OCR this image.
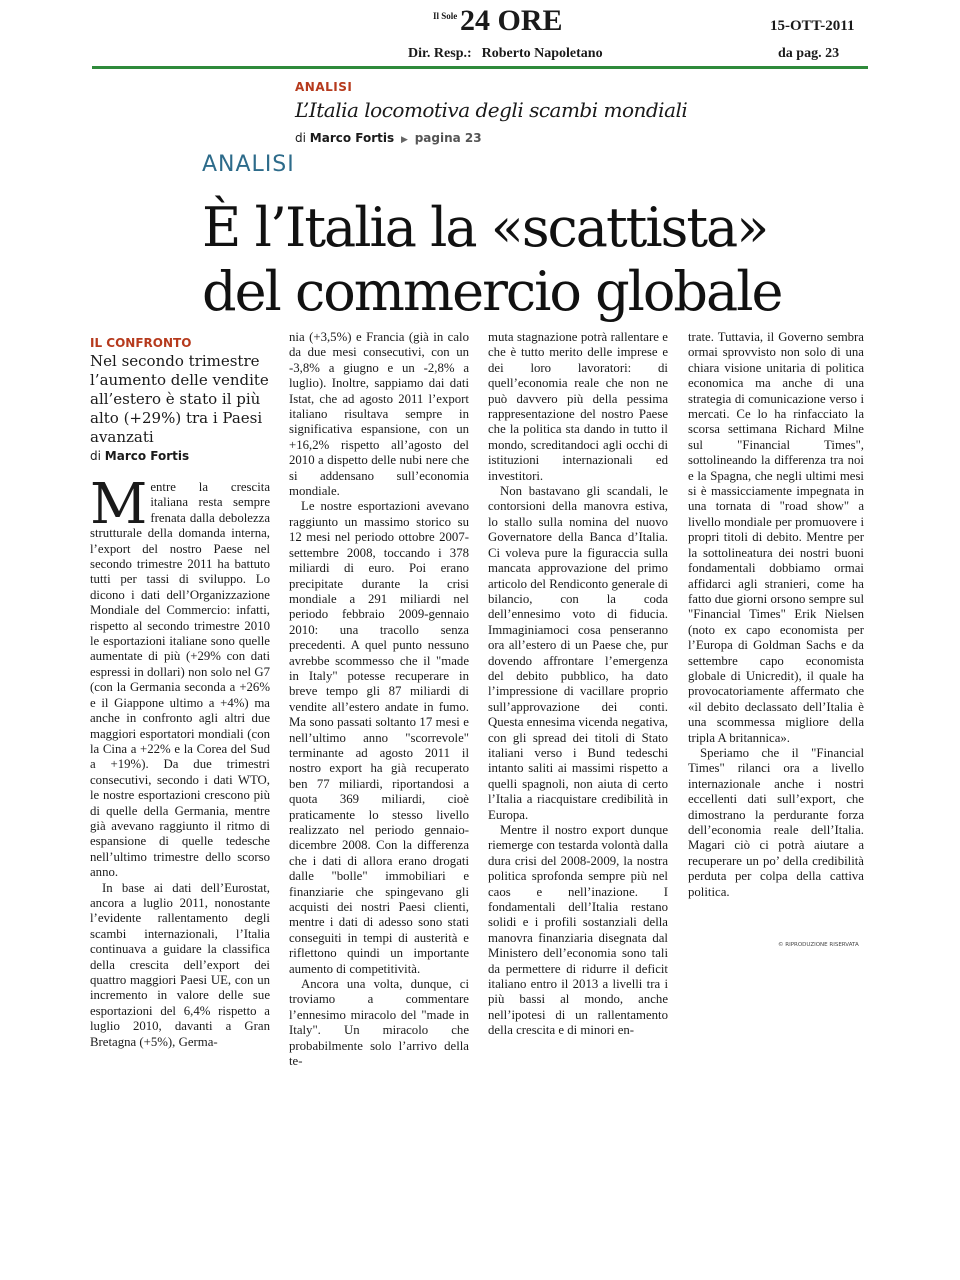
Il Sole 24 ORE	15-OTT-2011
Dir. Resp.: Roberto Napoletano	da pag. 23
ANALISI
L’Italia locomotiva degli scambi mondiali
di Marco Fortis ▶ pagina 23
ANALISI
È l’Italia la «scattista»
del commercio globale
IL CONFRONTO
Nel secondo trimestre l’aumento delle vendite all’estero è stato il più alto (+29%) tra i Paesi avanzati
di Marco Fortis

Mentre la crescita italiana resta sempre frenata dalla debolezza strutturale della domanda interna, l’export del nostro Paese nel secondo trimestre 2011 ha battuto tutti per tassi di sviluppo. Lo dicono i dati dell’Organizzazione Mondiale del Commercio: infatti, rispetto al secondo trimestre 2010 le esportazioni italiane sono quelle aumentate di più (+29% con dati espressi in dollari) non solo nel G7 (con la Germania seconda a +26% e il Giappone ultimo a +4%) ma anche in confronto agli altri due maggiori esportatori mondiali (con la Cina a +22% e la Corea del Sud a +19%). Da due trimestri consecutivi, secondo i dati WTO, le nostre esportazioni crescono più di quelle della Germania, mentre già avevano raggiunto il ritmo di espansione di quelle tedesche nell’ultimo trimestre dello scorso anno.

In base ai dati dell’Eurostat, ancora a luglio 2011, nonostante l’evidente rallentamento degli scambi internazionali, l’Italia continuava a guidare la classifica della crescita dell’export dei quattro maggiori Paesi UE, con un incremento in valore delle sue esportazioni del 6,4% rispetto a luglio 2010, davanti a Gran Bretagna (+5%), Germa-

nia (+3,5%) e Francia (già in calo da due mesi consecutivi, con un -3,8% a giugno e un -2,8% a luglio). Inoltre, sappiamo dai dati Istat, che ad agosto 2011 l’export italiano risultava sempre in significativa espansione, con un +16,2% rispetto all’agosto del 2010 a dispetto delle nubi nere che si addensano sull’economia mondiale.

Le nostre esportazioni avevano raggiunto un massimo storico su 12 mesi nel periodo ottobre 2007-settembre 2008, toccando i 378 miliardi di euro. Poi erano precipitate durante la crisi mondiale a 291 miliardi nel periodo febbraio 2009-gennaio 2010: una tracollo senza precedenti. A quel punto nessuno avrebbe scommesso che il "made in Italy" potesse recuperare in breve tempo gli 87 miliardi di vendite all’estero andate in fumo. Ma sono passati soltanto 17 mesi e nell’ultimo anno "scorrevole" terminante ad agosto 2011 il nostro export ha già recuperato ben 77 miliardi, riportandosi a quota 369 miliardi, cioè praticamente lo stesso livello realizzato nel periodo gennaio-dicembre 2008. Con la differenza che i dati di allora erano drogati dalle "bolle" immobiliari e finanziarie che spingevano gli acquisti dei nostri Paesi clienti, mentre i dati di adesso sono stati conseguiti in tempi di austerità e riflettono quindi un importante aumento di competitività.

Ancora una volta, dunque, ci troviamo a commentare l’ennesimo miracolo del "made in Italy". Un miracolo che probabilmente solo l’arrivo della te-

muta stagnazione potrà rallentare e che è tutto merito delle imprese e dei loro lavoratori: di quell’economia reale che non ne può davvero più della pessima rappresentazione del nostro Paese che la politica sta dando in tutto il mondo, screditandoci agli occhi di istituzioni internazionali ed investitori.

Non bastavano gli scandali, le contorsioni della manovra estiva, lo stallo sulla nomina del nuovo Governatore della Banca d’Italia. Ci voleva pure la figuraccia sulla mancata approvazione del primo articolo del Rendiconto generale di bilancio, con la coda dell’ennesimo voto di fiducia. Immaginiamoci cosa penseranno ora all’estero di un Paese che, pur dovendo affrontare l’emergenza del debito pubblico, ha dato l’impressione di vacillare proprio sull’approvazione dei conti. Questa ennesima vicenda negativa, con gli spread dei titoli di Stato italiani verso i Bund tedeschi intanto saliti ai massimi rispetto a quelli spagnoli, non aiuta di certo l’Italia a riacquistare credibilità in Europa.

Mentre il nostro export dunque riemerge con testarda volontà dalla dura crisi del 2008-2009, la nostra politica sprofonda sempre più nel caos e nell’inazione. I fondamentali dell’Italia restano solidi e i profili sostanziali della manovra finanziaria disegnata dal Ministero dell’economia sono tali da permettere di ridurre il deficit italiano entro il 2013 a livelli tra i più bassi al mondo, anche nell’ipotesi di un rallentamento della crescita e di minori en-

trate. Tuttavia, il Governo sembra ormai sprovvisto non solo di una chiara visione unitaria di politica economica ma anche di una strategia di comunicazione verso i mercati. Ce lo ha rinfacciato la scorsa settimana Richard Milne sul "Financial Times", sottolineando la differenza tra noi e la Spagna, che negli ultimi mesi si è massicciamente impegnata in una tornata di "road show" a livello mondiale per promuovere i propri titoli di debito. Mentre per la sottolineatura dei nostri buoni fondamentali dobbiamo ormai affidarci agli stranieri, come ha fatto due giorni orsono sempre sul "Financial Times" Erik Nielsen (noto ex capo economista per l’Europa di Goldman Sachs e da settembre capo economista globale di Unicredit), il quale ha provocatoriamente affermato che «il debito declassato dell’Italia è una scommessa migliore della tripla A britannica».

Speriamo che il "Financial Times" rilanci ora a livello internazionale anche i nostri eccellenti dati sull’export, che dimostrano la perdurante forza dell’economia reale dell’Italia. Magari ciò ci potrà aiutare a recuperare un po’ della credibilità perduta per colpa della cattiva politica.

© RIPRODUZIONE RISERVATA
